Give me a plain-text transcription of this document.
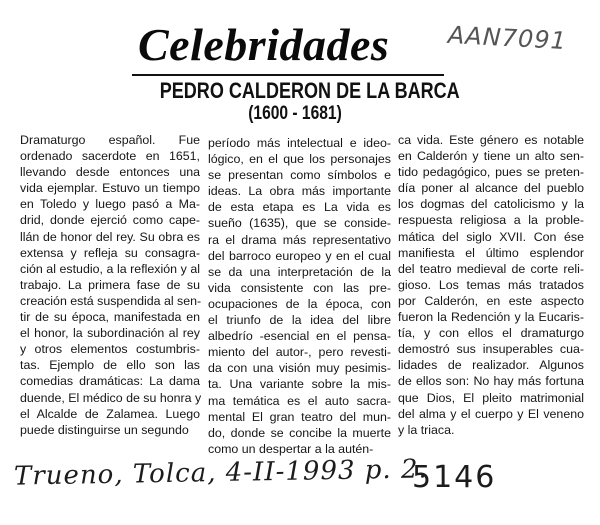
Celebridades AAN7091
PEDRO CALDERON DE LA BARCA
(1600 - 1681)
Dramaturgo español. Fue
ordenado sacerdote en 1651,
llevando desde entonces una
vida ejemplar. Estuvo un tiempo
en Toledo y luego pasó a Ma-
drid, donde ejerció como cape-
llán de honor del rey. Su obra es
extensa y refleja su consagra-
ción al estudio, a la reflexión y al
trabajo. La primera fase de su
creación está suspendida al sen-
tir de su época, manifestada en
el honor, la subordinación al rey
y otros elementos costumbris-
tas. Ejemplo de ello son las
comedias dramáticas: La dama
duende, El médico de su honra y
el Alcalde de Zalamea. Luego
puede distinguirse un segundo
período más intelectual e ideo-
lógico, en el que los personajes
se presentan como símbolos e
ideas. La obra más importante
de esta etapa es La vida es
sueño (1635), que se conside-
ra el drama más representativo
del barroco europeo y en el cual
se da una interpretación de la
vida consistente con las pre-
ocupaciones de la época, con
el triunfo de la idea del libre
albedrío -esencial en el pensa-
miento del autor-, pero revesti-
da con una visión muy pesimis-
ta. Una variante sobre la mis-
ma temática es el auto sacra-
mental El gran teatro del mun-
do, donde se concibe la muerte
como un despertar a la autén-
ca vida. Este género es notable
en Calderón y tiene un alto sen-
tido pedagógico, pues se preten-
día poner al alcance del pueblo
los dogmas del catolicismo y la
respuesta religiosa a la proble-
mática del siglo XVII. Con ése
manifiesta el último esplendor
del teatro medieval de corte reli-
gioso. Los temas más tratados
por Calderón, en este aspecto
fueron la Redención y la Eucaris-
tía, y con ellos el dramaturgo
demostró sus insuperables cua-
lidades de realizador. Algunos
de ellos son: No hay más fortuna
que Dios, El pleito matrimonial
del alma y el cuerpo y El veneno
y la triaca.
Trueno, Tolca, 4-II-1993 p. 2.
5146
